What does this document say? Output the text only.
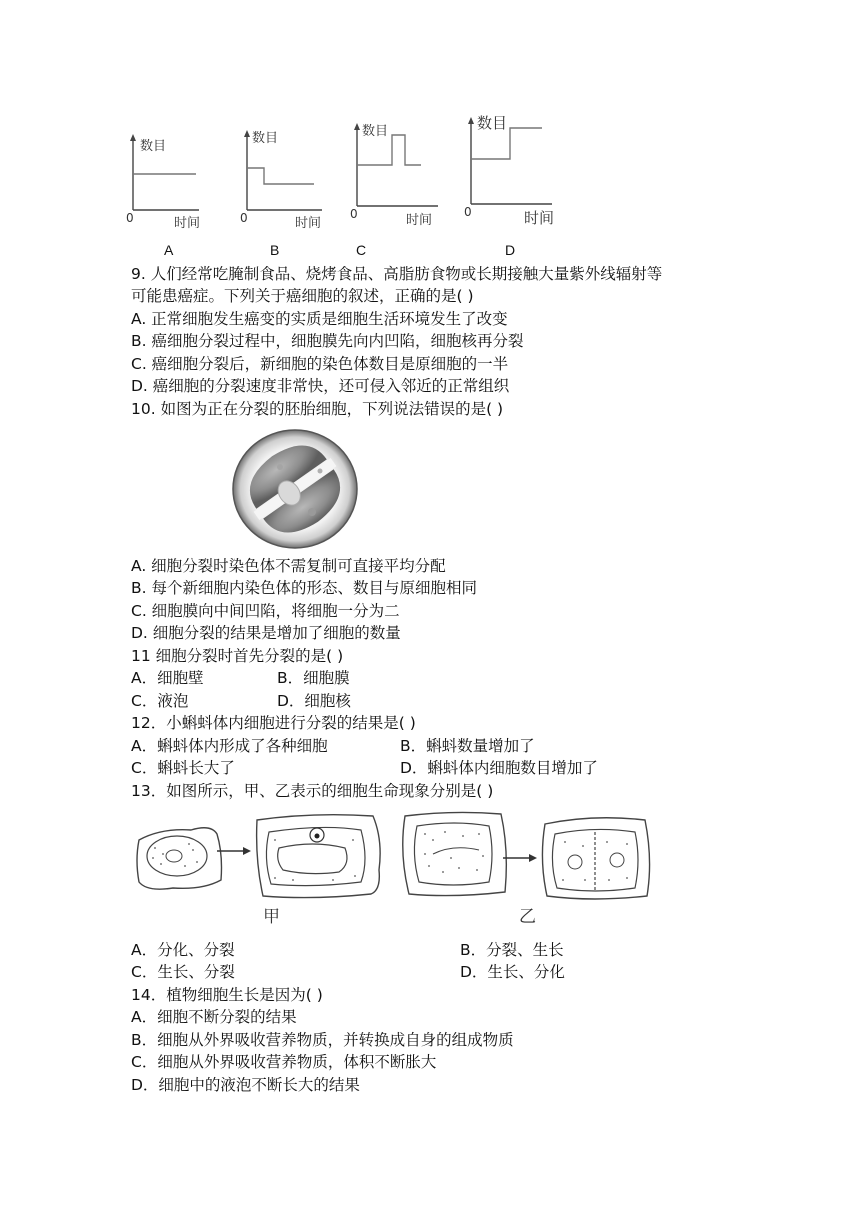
数目
0	时间
A
数目
0	时间
B
数目
0	时间
C
数目
0	时间
D
9. 人们经常吃腌制食品、烧烤食品、高脂肪食物或长期接触大量紫外线辐射等
可能患癌症。下列关于癌细胞的叙述，正确的是( )
A. 正常细胞发生癌变的实质是细胞生活环境发生了改变
B. 癌细胞分裂过程中，细胞膜先向内凹陷，细胞核再分裂
C. 癌细胞分裂后，新细胞的染色体数目是原细胞的一半
D. 癌细胞的分裂速度非常快，还可侵入邻近的正常组织
10. 如图为正在分裂的胚胎细胞，下列说法错误的是( )
A. 细胞分裂时染色体不需复制可直接平均分配
B. 每个新细胞内染色体的形态、数目与原细胞相同
C. 细胞膜向中间凹陷，将细胞一分为二
D. 细胞分裂的结果是增加了细胞的数量
11 细胞分裂时首先分裂的是( )
A．细胞壁	B．细胞膜
C．液泡	D．细胞核
12．小蝌蚪体内细胞进行分裂的结果是( )
A．蝌蚪体内形成了各种细胞	B．蝌蚪数量增加了
C．蝌蚪长大了	D．蝌蚪体内细胞数目增加了
13．如图所示，甲、乙表示的细胞生命现象分别是( )
甲	乙
A．分化、分裂	B．分裂、生长
C．生长、分裂	D．生长、分化
14．植物细胞生长是因为( )
A．细胞不断分裂的结果
B．细胞从外界吸收营养物质，并转换成自身的组成物质
C．细胞从外界吸收营养物质，体积不断胀大
D．细胞中的液泡不断长大的结果
